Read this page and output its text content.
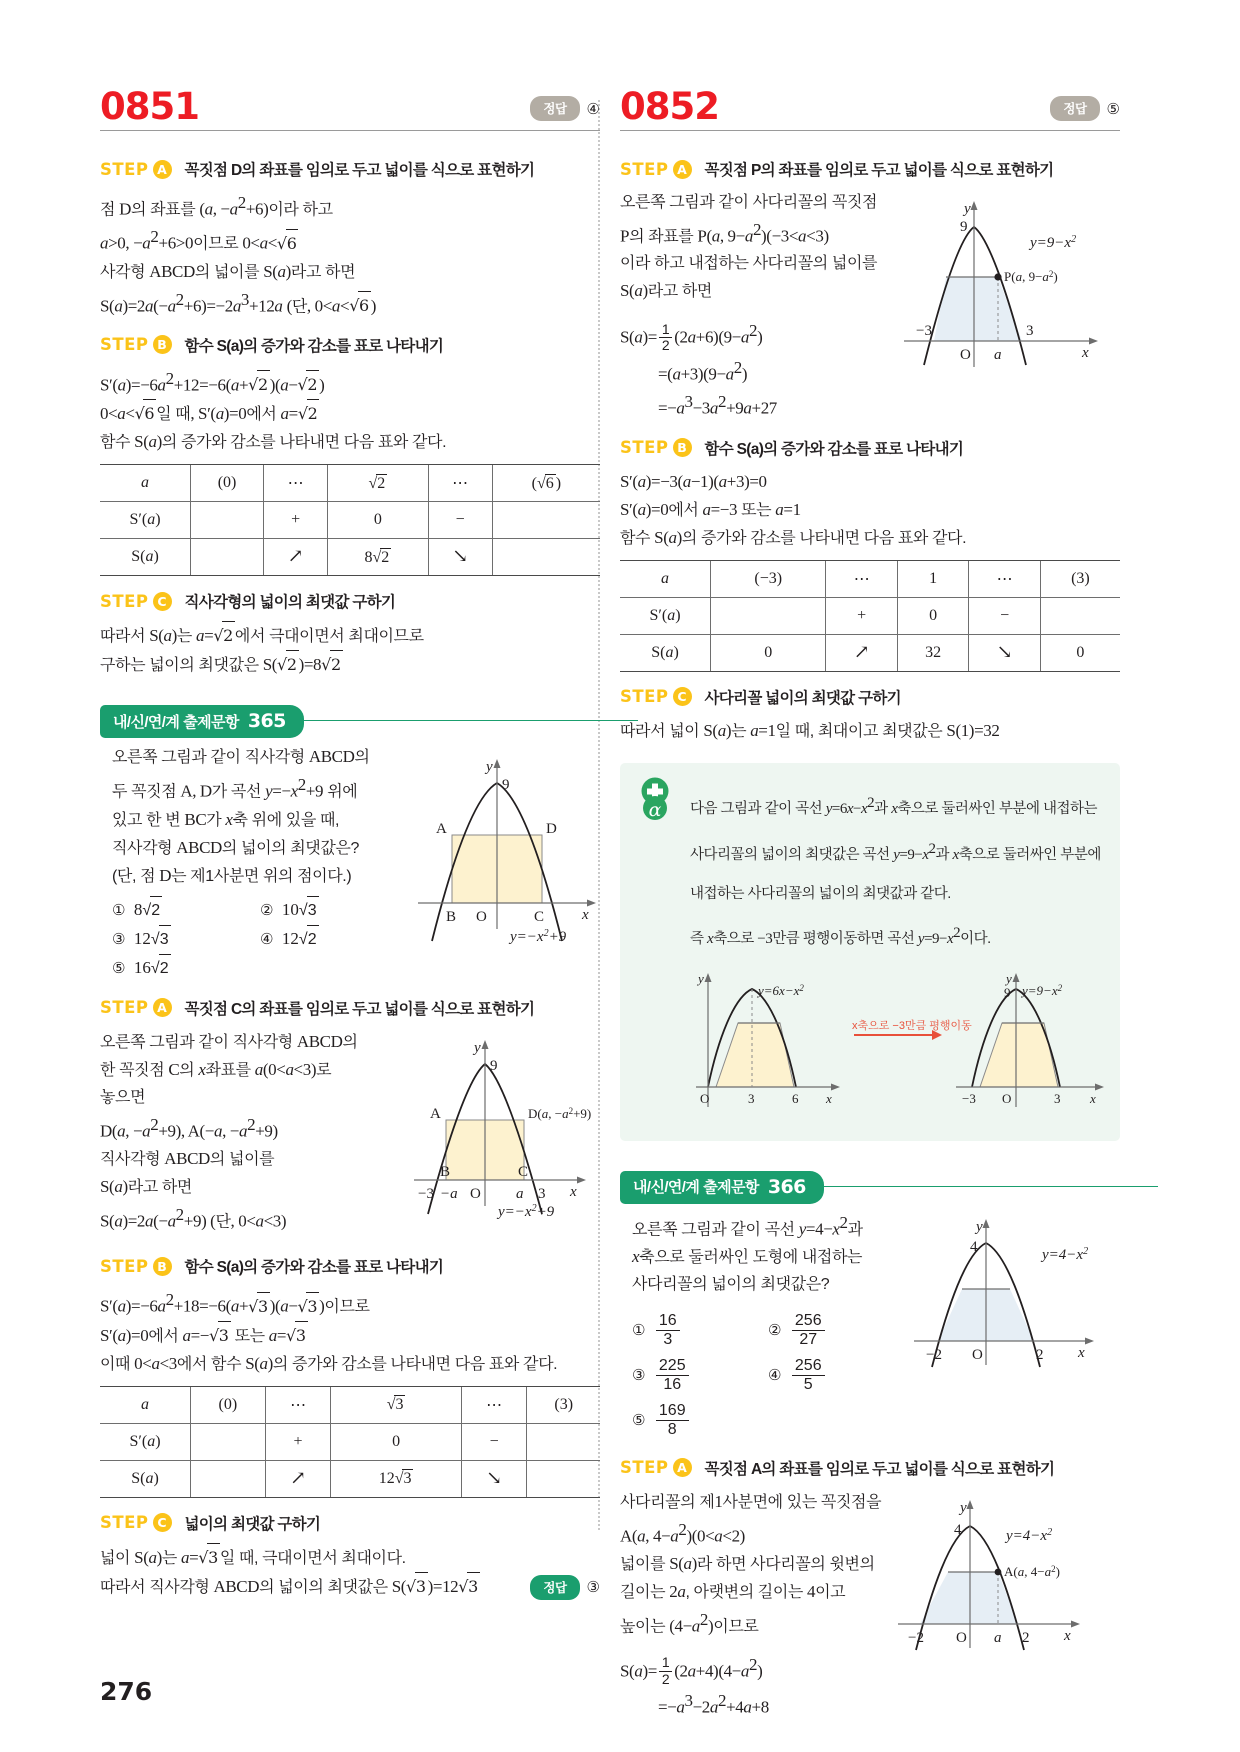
0851	정답	④
STEP A	꼭짓점 D의 좌표를 임의로 두고 넓이를 식으로 표현하기

점 D의 좌표를 (a, $-a^2+6$)이라 하고

a>0, $-a^2+6>0$이므로 0<a<√6

사각형 ABCD의 넓이를 S(a)라고 하면

$S(a)=2a(-a^2+6)=-2a^3+12a$ (단, 0<a<√6 )

STEP B	함수 S(a)의 증가와 감소를 표로 나타내기

$S'(a)=-6a^2+12=-6(a+√2$ )(a−√2 )

0<a<√6 일 때, S′(a)=0에서 a=√2

함수 S(a)의 증가와 감소를 나타내면 다음 표와 같다.

a	(0)	⋯	√2	⋯	(√6 )
S′(a)		+	0	−	
S(a)		↗	8√2	↘	
STEP C	직사각형의 넓이의 최댓값 구하기

따라서 S(a)는 a=√2 에서 극대이면서 최대이므로

구하는 넓이의 최댓값은 S(√2 )=8√2

내/신/연/계 출제문항 365

오른쪽 그림과 같이 직사각형 ABCD의

두 꼭짓점 A, D가 곡선 $y=-x^2+9$ 위에

있고 한 변 BC가 x축 위에 있을 때,

직사각형 ABCD의 넓이의 최댓값은?

(단, 점 D는 제1사분면 위의 점이다.)

① 8√2	② 10√3
③ 12√3	④ 12√2
⑤ 16√2
y
x
9
A	D
B O	C
$y=-x^2+9$
STEP A	꼭짓점 C의 좌표를 임의로 두고 넓이를 식으로 표현하기

오른쪽 그림과 같이 직사각형 ABCD의

한 꼭짓점 C의 x좌표를 a(0<a<3)로

놓으면

D(a, $-a^2+9$), A(−a, $-a^2+9$)

직사각형 ABCD의 넓이를

S(a)라고 하면

$S(a)=2a(-a^2+9)$ (단, 0<a<3)

y
x
9
A	D(a, $-a^2+9$)
B	C
−3 −a O a 3
$y=-x^2+9$
STEP B	함수 S(a)의 증가와 감소를 표로 나타내기

$S'(a)=-6a^2+18=-6(a+√3$ )(a−√3 )이므로

S′(a)=0에서 a=−√3 또는 a=√3

이때 0<a<3에서 함수 S(a)의 증가와 감소를 나타내면 다음 표와 같다.

a	(0)	⋯	√3	⋯	(3)
S′(a)		+	0	−	
S(a)		↗	12√3	↘	
STEP C	넓이의 최댓값 구하기

넓이 S(a)는 a=√3 일 때, 극대이면서 최대이다.

따라서 직사각형 ABCD의 넓이의 최댓값은 S(√3 )=12√3	정답	③
0852	정답	⑤
STEP A	꼭짓점 P의 좌표를 임의로 두고 넓이를 식으로 표현하기

오른쪽 그림과 같이 사다리꼴의 꼭짓점

P의 좌표를 P(a, $9-a^2)(-3<a<3)$

이라 하고 내접하는 사다리꼴의 넓이를

S(a)라고 하면

$S(a)= \frac{1}{2} (2a+6)(9-a^2)$

$=(a+3)(9-a^2)$

$=-a^3-3a^2+9a+27$

y
x
9
$y=9-x^2$
P(a, $9-a^2$)
−3	3
O a
STEP B	함수 S(a)의 증가와 감소를 표로 나타내기

S′(a)=−3(a−1)(a+3)=0

S′(a)=0에서 a=−3 또는 a=1

함수 S(a)의 증가와 감소를 나타내면 다음 표와 같다.

a	(−3)	⋯	1	⋯	(3)
S′(a)		+	0	−	
S(a)	0	↗	32	↘	0
STEP C	사다리꼴 넓이의 최댓값 구하기

따라서 넓이 S(a)는 a=1일 때, 최대이고 최댓값은 S(1)=32

α 다음 그림과 같이 곡선 $y=6x-x^2$과 x축으로 둘러싸인 부분에 내접하는

사다리꼴의 넓이의 최댓값은 곡선 $y=9-x^2$과 x축으로 둘러싸인 부분에

내접하는 사다리꼴의 넓이의 최댓값과 같다.

즉 x축으로 −3만큼 평행이동하면 곡선 $y=9-x^2$이다.

y
x
$y=6x-x^2$
O	3	6
x축으로 −3만큼 평행이동
y
x
9 $y=9-x^2$
−3 O	3
내/신/연/계 출제문항 366

오른쪽 그림과 같이 곡선 $y=4-x^2$과

x축으로 둘러싸인 도형에 내접하는

사다리꼴의 넓이의 최댓값은?

① $\frac{16}{3}$	② $\frac{256}{27}$
③ $\frac{225}{16}$	④ $\frac{256}{5}$
⑤ $\frac{169}{8}$
y
x
4	$y=4-x^2$
−2 O	2
STEP A	꼭짓점 A의 좌표를 임의로 두고 넓이를 식으로 표현하기

사다리꼴의 제1사분면에 있는 꼭짓점을

A(a, $4-a^2)(0<a<2)$

넓이를 S(a)라 하면 사다리꼴의 윗변의

길이는 2a, 아랫변의 길이는 4이고

높이는 $(4-a^2)$이므로

$S(a)= \frac{1}{2} (2a+4)(4-a^2)$

$=-a^3-2a^2+4a+8$

y
x
4	$y=4-x^2$
A(a, $4-a^2$)
−2 O a 2
276
